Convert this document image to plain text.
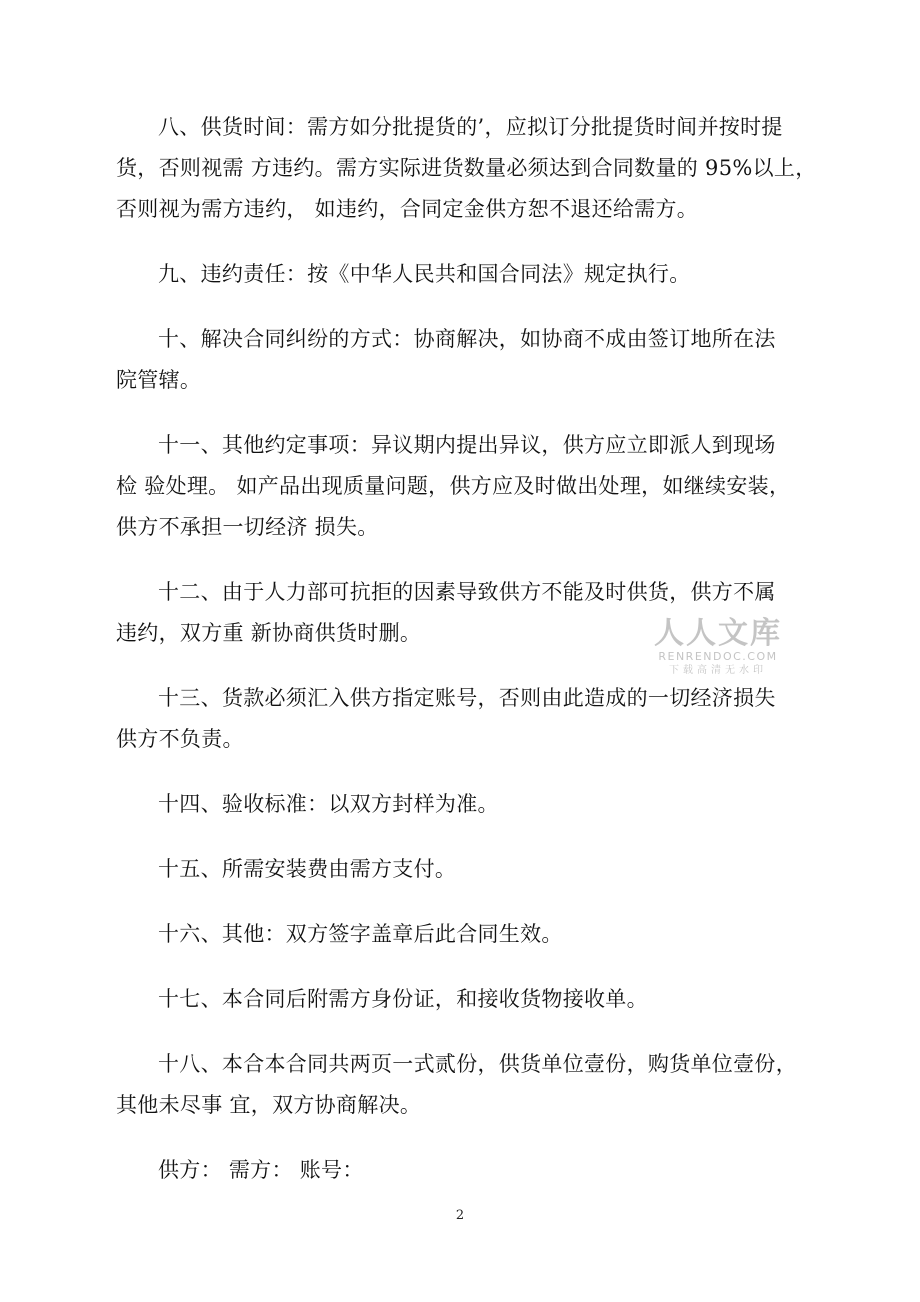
八、供货时间：需方如分批提货的’，应拟订分批提货时间并按时提
货，否则视需 方违约。需方实际进货数量必须达到合同数量的 95%以上，
否则视为需方违约， 如违约，合同定金供方恕不退还给需方。

九、违约责任：按《中华人民共和国合同法》规定执行。

十、解决合同纠纷的方式：协商解决，如协商不成由签订地所在法
院管辖。

十一、其他约定事项：异议期内提出异议，供方应立即派人到现场
检 验处理。 如产品出现质量问题，供方应及时做出处理，如继续安装，
供方不承担一切经济 损失。

十二、由于人力部可抗拒的因素导致供方不能及时供货，供方不属
违约，双方重 新协商供货时删。

十三、货款必须汇入供方指定账号，否则由此造成的一切经济损失
供方不负责。

十四、验收标准：以双方封样为准。

十五、所需安装费由需方支付。

十六、其他：双方签字盖章后此合同生效。

十七、本合同后附需方身份证，和接收货物接收单。

十八、本合本合同共两页一式贰份，供货单位壹份，购货单位壹份，
其他未尽事 宜，双方协商解决。

供方： 需方： 账号：

人人文库
RENRENDOC.COM
下载高清无水印
2
